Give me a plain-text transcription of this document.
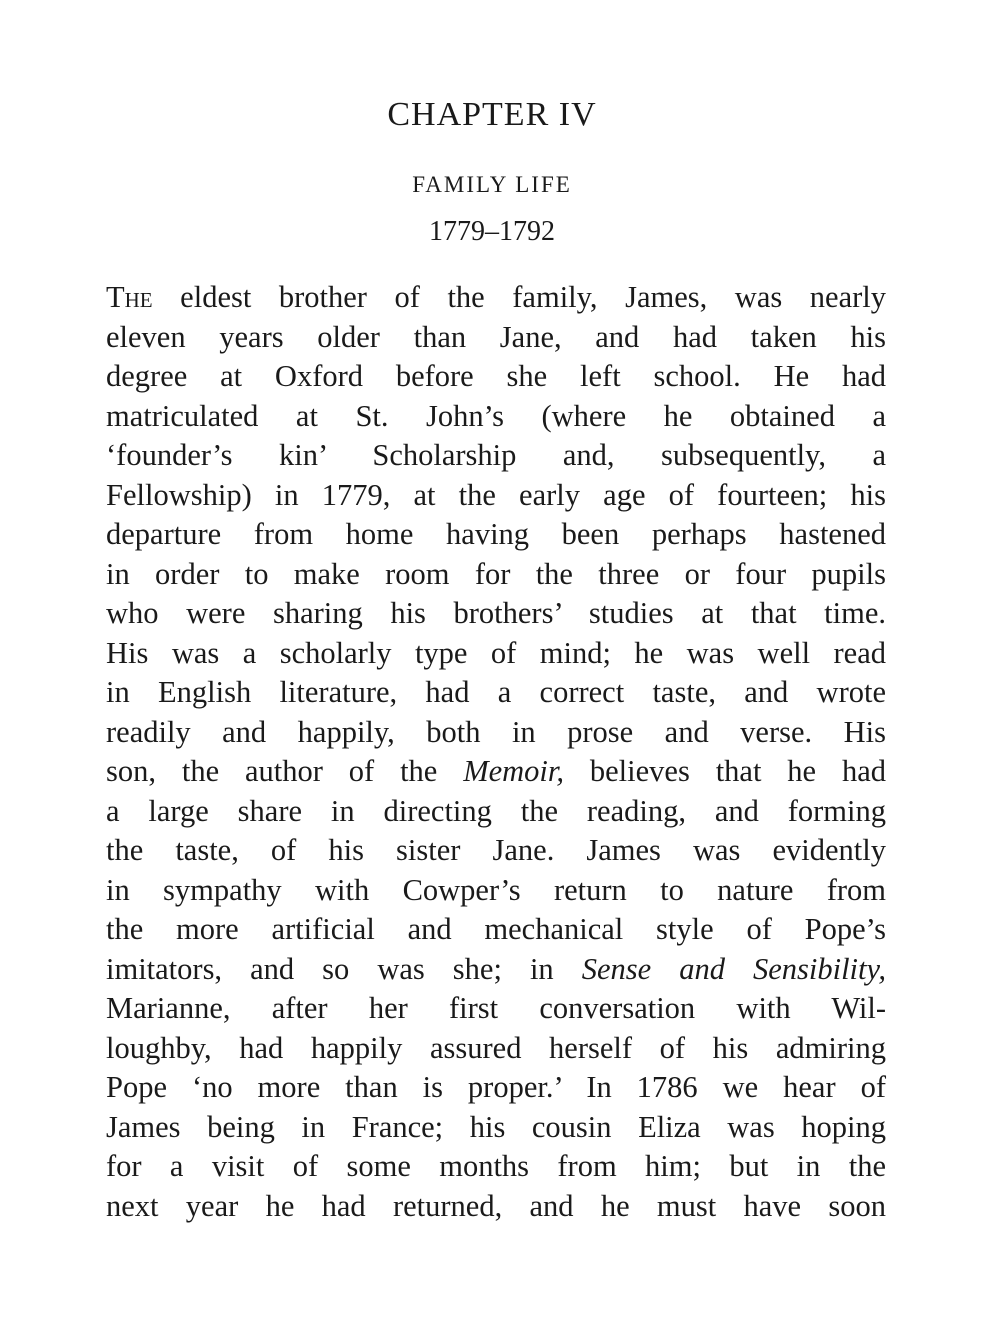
CHAPTER IV
FAMILY LIFE
1779–1792
The eldest brother of the family, James, was nearly
eleven years older than Jane, and had taken his
degree at Oxford before she left school. He had
matriculated at St. John’s (where he obtained a
‘founder’s kin’ Scholarship and, subsequently, a
Fellowship) in 1779, at the early age of fourteen; his
departure from home having been perhaps hastened
in order to make room for the three or four pupils
who were sharing his brothers’ studies at that time.
His was a scholarly type of mind; he was well read
in English literature, had a correct taste, and wrote
readily and happily, both in prose and verse. His
son, the author of the Memoir, believes that he had
a large share in directing the reading, and forming
the taste, of his sister Jane. James was evidently
in sympathy with Cowper’s return to nature from
the more artificial and mechanical style of Pope’s
imitators, and so was she; in Sense and Sensibility,
Marianne, after her first conversation with Wil-
loughby, had happily assured herself of his admiring
Pope ‘no more than is proper.’ In 1786 we hear of
James being in France; his cousin Eliza was hoping
for a visit of some months from him; but in the
next year he had returned, and he must have soon
